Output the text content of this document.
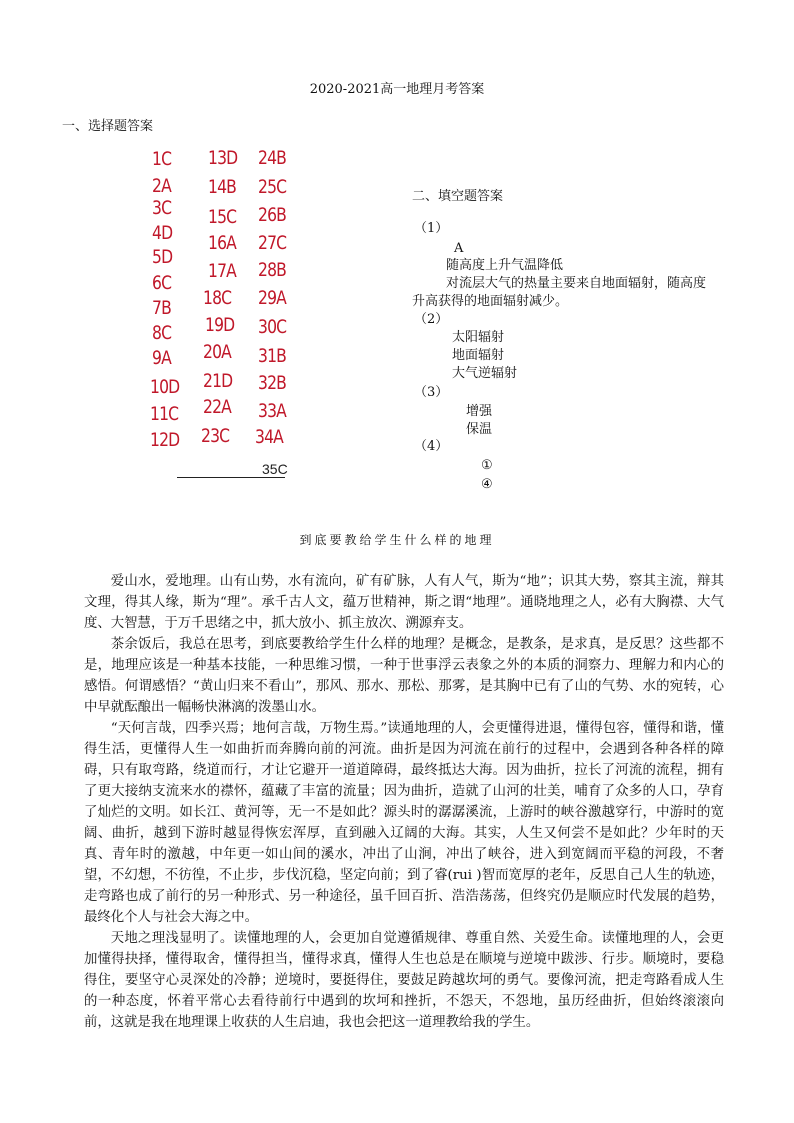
2020-2021高一地理月考答案
一、选择题答案
1C
2A
3C
4D
5D
6C
7B
8C
9A
10D
11C
12D
13D
14B
15C
16A
17A
18C
19D
20A
21D
22A
23C
24B
25C
26B
27C
28B
29A
30C
31B
32B
33A
34A
35C
二、填空题答案
（1）
A
随高度上升气温降低
对流层大气的热量主要来自地面辐射，随高度
升高获得的地面辐射减少。
（2）
太阳辐射
地面辐射
大气逆辐射
（3）
增强
保温
（4）
①
④
到底要教给学生什么样的地理

爱山水，爱地理。山有山势，水有流向，矿有矿脉，人有人气，斯为“地”；识其大势，察其主流，辩其文理，得其人缘，斯为“理”。承千古人文，蕴万世精神，斯之谓“地理”。通晓地理之人，必有大胸襟、大气度、大智慧，于万千思绪之中，抓大放小、抓主放次、溯源弃支。

茶余饭后，我总在思考，到底要教给学生什么样的地理？是概念，是教条，是求真，是反思？这些都不是，地理应该是一种基本技能，一种思维习惯，一种于世事浮云表象之外的本质的洞察力、理解力和内心的感悟。何谓感悟？“黄山归来不看山”，那风、那水、那松、那雾，是其胸中已有了山的气势、水的宛转，心中早就酝酿出一幅畅快淋漓的泼墨山水。

“天何言哉，四季兴焉；地何言哉，万物生焉。”读通地理的人，会更懂得进退，懂得包容，懂得和谐，懂得生活，更懂得人生一如曲折而奔腾向前的河流。曲折是因为河流在前行的过程中，会遇到各种各样的障碍，只有取弯路，绕道而行，才让它避开一道道障碍，最终抵达大海。因为曲折，拉长了河流的流程，拥有了更大接纳支流来水的襟怀，蕴藏了丰富的流量；因为曲折，造就了山河的壮美，哺育了众多的人口，孕育了灿烂的文明。如长江、黄河等，无一不是如此？源头时的潺潺溪流，上游时的峡谷激越穿行，中游时的宽阔、曲折，越到下游时越显得恢宏浑厚，直到融入辽阔的大海。其实，人生又何尝不是如此？少年时的天真、青年时的激越，中年更一如山间的溪水，冲出了山涧，冲出了峡谷，进入到宽阔而平稳的河段，不奢望，不幻想，不彷徨，不止步，步伐沉稳，坚定向前；到了睿(rui )智而宽厚的老年，反思自己人生的轨迹，走弯路也成了前行的另一种形式、另一种途径，虽千回百折、浩浩荡荡，但终究仍是顺应时代发展的趋势，最终化个人与社会大海之中。

天地之理浅显明了。读懂地理的人，会更加自觉遵循规律、尊重自然、关爱生命。读懂地理的人，会更加懂得抉择，懂得取舍，懂得担当，懂得求真，懂得人生也总是在顺境与逆境中跋涉、行步。顺境时，要稳得住，要坚守心灵深处的冷静；逆境时，要挺得住，要鼓足跨越坎坷的勇气。要像河流，把走弯路看成人生的一种态度，怀着平常心去看待前行中遇到的坎坷和挫折，不怨天，不怨地，虽历经曲折，但始终滚滚向前，这就是我在地理课上收获的人生启迪，我也会把这一道理教给我的学生。
